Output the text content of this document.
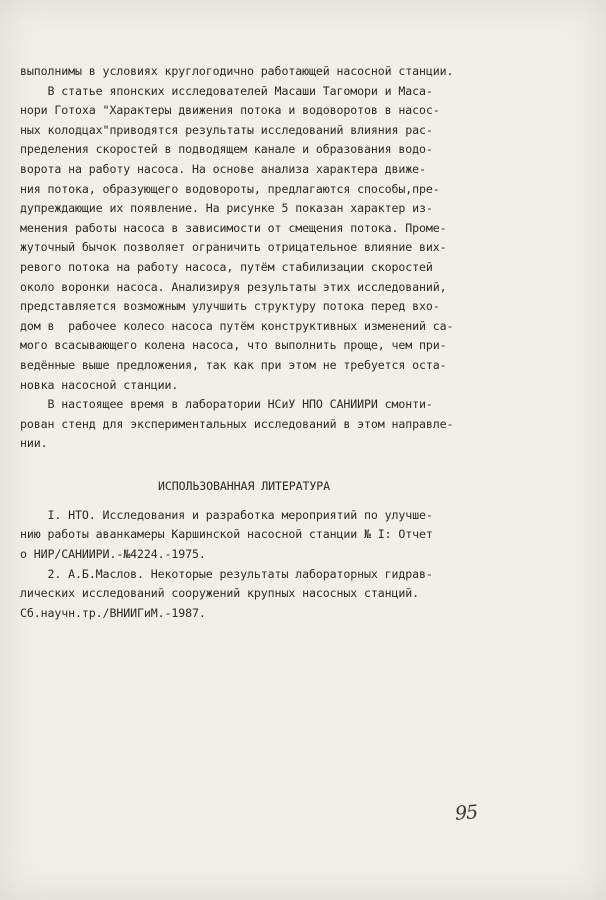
выполнимы в условиях круглогодично работающей насосной станции.
В статье японских исследователей Масаши Тагомори и Маса-
нори Готоха "Характеры движения потока и водоворотов в насос-
ных колодцах"приводятся результаты исследований влияния рас-
пределения скоростей в подводящем канале и образования водо-
ворота на работу насоса. На основе анализа характера движе-
ния потока, образующего водовороты, предлагаются способы,пре-
дупреждающие их появление. На рисунке 5 показан характер из-
менения работы насоса в зависимости от смещения потока. Проме-
жуточный бычок позволяет ограничить отрицательное влияние вих-
ревого потока на работу насоса, путём стабилизации скоростей
около воронки насоса. Анализируя результаты этих исследований,
представляется возможным улучшить структуру потока перед вхо-
дом в  рабочее колесо насоса путём конструктивных изменений са-
мого всасывающего колена насоса, что выполнить проще, чем при-
ведённые выше предложения, так как при этом не требуется оста-
новка насосной станции.
В настоящее время в лаборатории НСиУ НПО САНИИРИ смонти-
рован стенд для экспериментальных исследований в этом направле-
нии.
ИСПОЛЬЗОВАННАЯ ЛИТЕРАТУРА
I. НТО. Исследования и разработка мероприятий по улучше-
нию работы аванкамеры Каршинской насосной станции № I: Отчет
о НИР/САНИИРИ.-№4224.-1975.
2. А.Б.Маслов. Некоторые результаты лабораторных гидрав-
лических исследований сооружений крупных насосных станций.
Сб.научн.тр./ВНИИГиМ.-1987.
95
